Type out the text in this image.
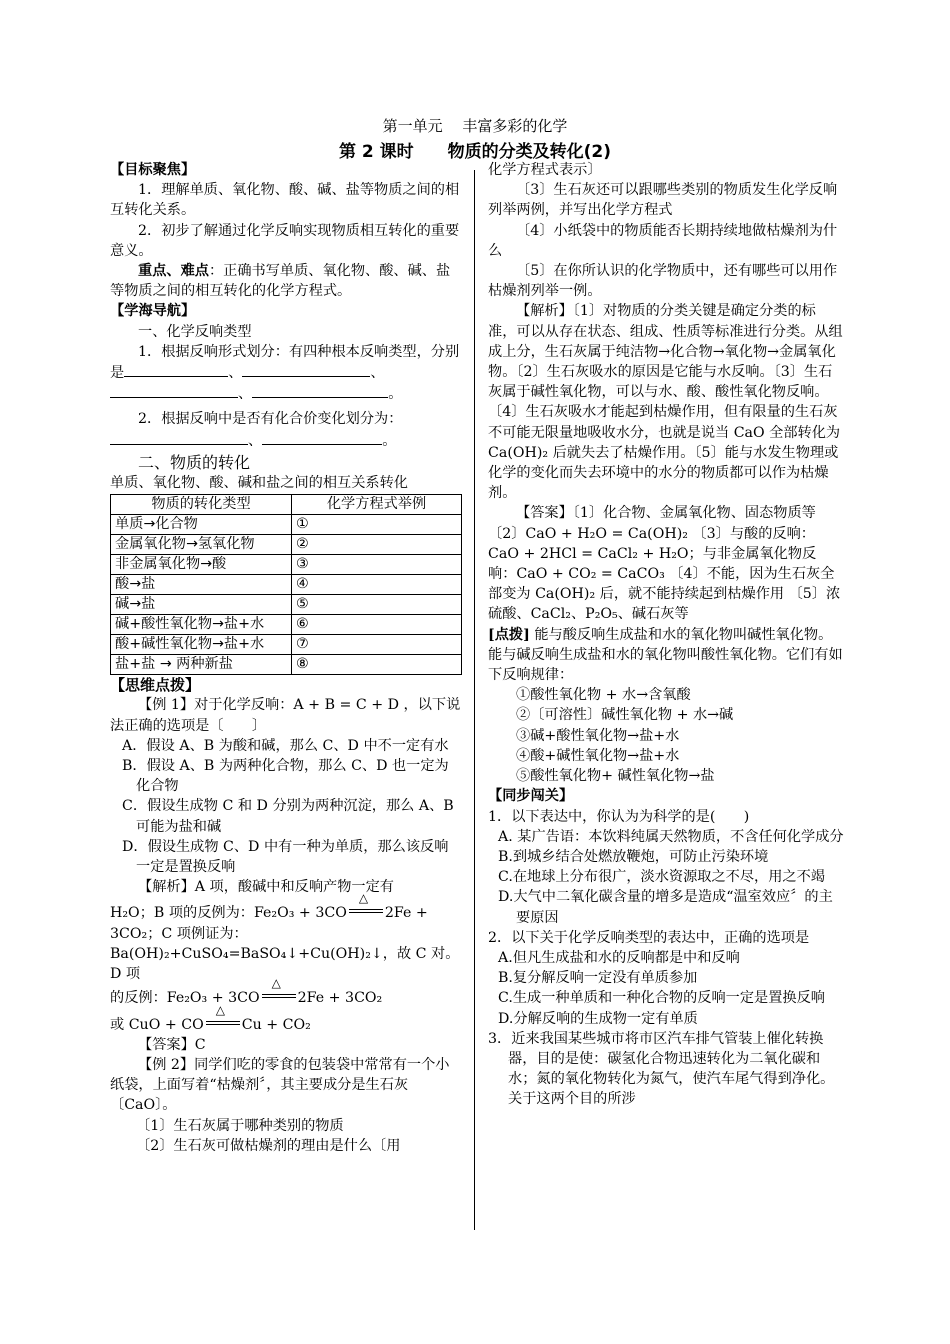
第一单元　 丰富多彩的化学
第 2 课时　　物质的分类及转化(2)

【目标聚焦】

1．理解单质、氧化物、酸、碱、盐等物质之间的相互转化关系。

2．初步了解通过化学反响实现物质相互转化的重要意义。

重点、难点：正确书写单质、氧化物、酸、碱、盐等物质之间的相互转化的化学方程式。

【学海导航】

一、化学反响类型

1．根据反响形式划分：有四种根本反响类型，分别是	、	、、	。

2．根据反响中是否有化合价变化划分为：

、	。

二、物质的转化

单质、氧化物、酸、碱和盐之间的相互关系转化

物质的转化类型	化学方程式举例
单质→化合物	①
金属氧化物→氢氧化物	②
非金属氧化物→酸	③
酸→盐	④
碱→盐	⑤
碱+酸性氧化物→盐+水	⑥
酸+碱性氧化物→盐+水	⑦
盐+盐 → 两种新盐	⑧

【思维点拨】

【例 1】对于化学反响：A + B = C + D ，以下说法正确的选项是〔　　〕

A．假设 A、B 为酸和碱，那么 C、D 中不一定有水

B．假设 A、B 为两种化合物，那么 C、D 也一定为化合物

C．假设生成物 C 和 D 分别为两种沉淀，那么 A、B 可能为盐和碱

D．假设生成物 C、D 中有一种为单质，那么该反响一定是置换反响

【解析】A 项，酸碱中和反响产物一定有

H₂O；B 项的反例为：Fe₂O₃ + 3CO
△
2Fe +

3CO₂；C 项例证为：

Ba(OH)₂+CuSO₄=BaSO₄↓+Cu(OH)₂↓，故 C 对。D 项

的反例：Fe₂O₃ + 3CO
△
2Fe + 3CO₂

或 CuO + CO
△
Cu + CO₂

【答案】C

【例 2】同学们吃的零食的包装袋中常常有一个小纸袋，上面写着“枯燥剂〞，其主要成分是生石灰〔CaO〕。

〔1〕生石灰属于哪种类别的物质

〔2〕生石灰可做枯燥剂的理由是什么〔用

化学方程式表示〕

〔3〕生石灰还可以跟哪些类别的物质发生化学反响列举两例，并写出化学方程式

〔4〕小纸袋中的物质能否长期持续地做枯燥剂为什么

〔5〕在你所认识的化学物质中，还有哪些可以用作枯燥剂列举一例。

【解析】〔1〕对物质的分类关键是确定分类的标准，可以从存在状态、组成、性质等标准进行分类。从组成上分，生石灰属于纯洁物→化合物→氧化物→金属氧化物。〔2〕生石灰吸水的原因是它能与水反响。〔3〕生石灰属于碱性氧化物，可以与水、酸、酸性氧化物反响。〔4〕生石灰吸水才能起到枯燥作用，但有限量的生石灰不可能无限量地吸收水分，也就是说当 CaO 全部转化为 Ca(OH)₂ 后就失去了枯燥作用。〔5〕能与水发生物理或化学的变化而失去环境中的水分的物质都可以作为枯燥剂。

【答案】〔1〕化合物、金属氧化物、固态物质等 〔2〕CaO + H₂O = Ca(OH)₂ 〔3〕与酸的反响：CaO + 2HCl = CaCl₂ + H₂O；与非金属氧化物反响：CaO + CO₂ = CaCO₃ 〔4〕不能，因为生石灰全部变为 Ca(OH)₂ 后，就不能持续起到枯燥作用 〔5〕浓硫酸、CaCl₂、P₂O₅、碱石灰等

[点拨] 能与酸反响生成盐和水的氧化物叫碱性氧化物。能与碱反响生成盐和水的氧化物叫酸性氧化物。它们有如下反响规律：

①酸性氧化物 + 水→含氧酸

②〔可溶性〕碱性氧化物 + 水→碱

③碱+酸性氧化物→盐+水

④酸+碱性氧化物→盐+水

⑤酸性氧化物+ 碱性氧化物→盐

【同步闯关】

1．以下表达中，你认为为科学的是(　　)

A. 某广告语：本饮料纯属天然物质，不含任何化学成分

B.到城乡结合处燃放鞭炮，可防止污染环境

C.在地球上分布很广，淡水资源取之不尽，用之不竭

D.大气中二氧化碳含量的增多是造成“温室效应〞的主要原因

2．以下关于化学反响类型的表达中，正确的选项是

A.但凡生成盐和水的反响都是中和反响

B.复分解反响一定没有单质参加

C.生成一种单质和一种化合物的反响一定是置换反响

D.分解反响的生成物一定有单质

3．近来我国某些城市将市区汽车排气管装上催化转换器，目的是使：碳氢化合物迅速转化为二氧化碳和水；氮的氧化物转化为氮气，使汽车尾气得到净化。关于这两个目的所涉
